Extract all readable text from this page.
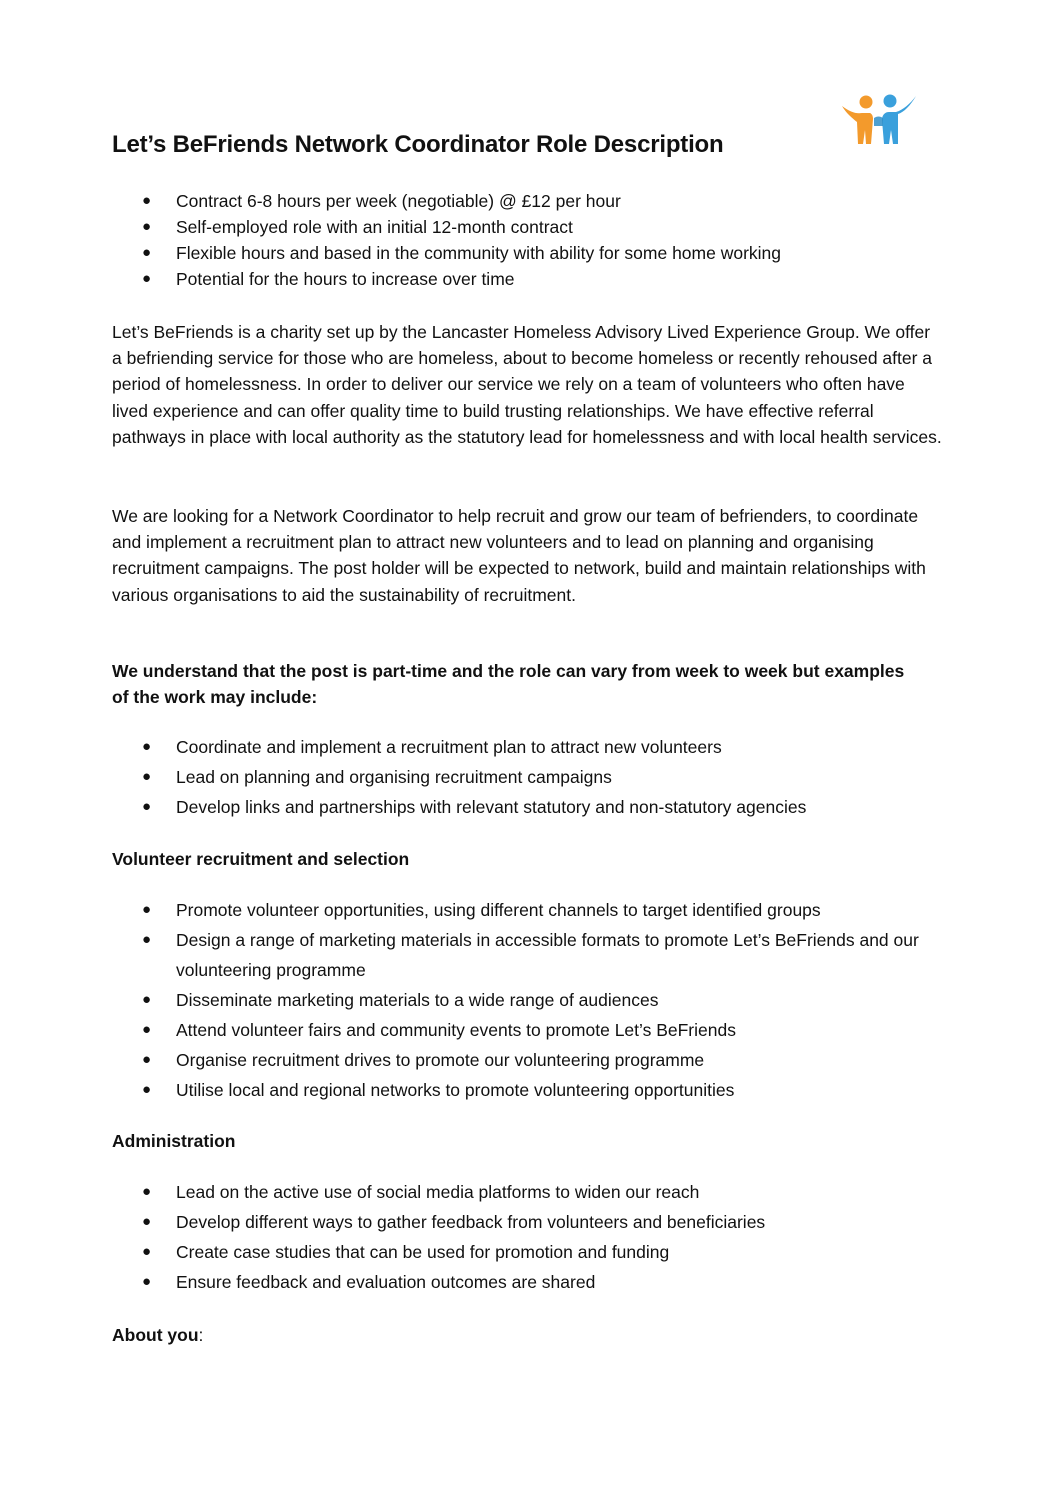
Let’s BeFriends Network Coordinator Role Description
● Contract 6-8 hours per week (negotiable) @ £12 per hour
● Self-employed role with an initial 12-month contract
● Flexible hours and based in the community with ability for some home working
● Potential for the hours to increase over time

Let’s BeFriends is a charity set up by the Lancaster Homeless Advisory Lived Experience Group. We offer a befriending service for those who are homeless, about to become homeless or recently rehoused after a period of homelessness. In order to deliver our service we rely on a team of volunteers who often have lived experience and can offer quality time to build trusting relationships. We have effective referral pathways in place with local authority as the statutory lead for homelessness and with local health services.

We are looking for a Network Coordinator to help recruit and grow our team of befrienders, to coordinate and implement a recruitment plan to attract new volunteers and to lead on planning and organising recruitment campaigns. The post holder will be expected to network, build and maintain relationships with various organisations to aid the sustainability of recruitment.

We understand that the post is part-time and the role can vary from week to week but examples of the work may include:

● Coordinate and implement a recruitment plan to attract new volunteers
● Lead on planning and organising recruitment campaigns
● Develop links and partnerships with relevant statutory and non-statutory agencies
Volunteer recruitment and selection
● Promote volunteer opportunities, using different channels to target identified groups
● Design a range of marketing materials in accessible formats to promote Let’s BeFriends and our volunteering programme
● Disseminate marketing materials to a wide range of audiences
● Attend volunteer fairs and community events to promote Let’s BeFriends
● Organise recruitment drives to promote our volunteering programme
● Utilise local and regional networks to promote volunteering opportunities
Administration
● Lead on the active use of social media platforms to widen our reach
● Develop different ways to gather feedback from volunteers and beneficiaries
● Create case studies that can be used for promotion and funding
● Ensure feedback and evaluation outcomes are shared
About you:
